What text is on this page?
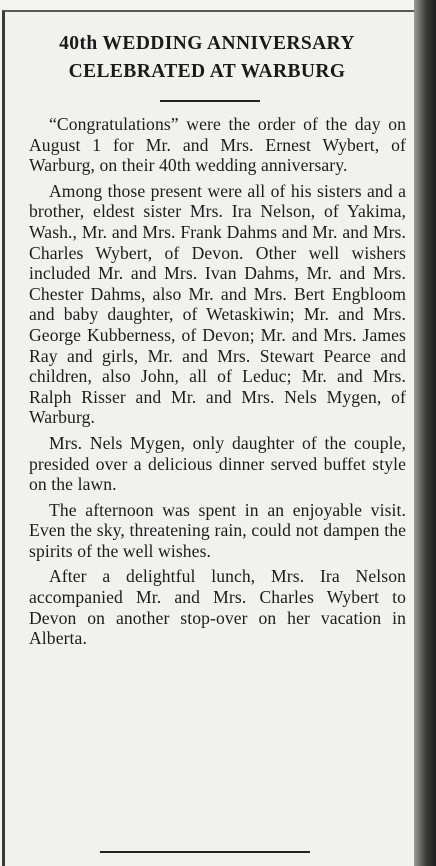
40th WEDDING ANNIVERSARY
CELEBRATED AT WARBURG

“Congratulations” were the order of the day on August 1 for Mr. and Mrs. Ernest Wybert, of Warburg, on their 40th wedding anniversary.

Among those present were all of his sisters and a brother, eldest sister Mrs. Ira Nelson, of Yakima, Wash., Mr. and Mrs. Frank Dahms and Mr. and Mrs. Charles Wybert, of Devon. Other well wishers included Mr. and Mrs. Ivan Dahms, Mr. and Mrs. Chester Dahms, also Mr. and Mrs. Bert Engbloom and baby daughter, of Wetaskiwin; Mr. and Mrs. George Kubberness, of Devon; Mr. and Mrs. James Ray and girls, Mr. and Mrs. Stewart Pearce and children, also John, all of Leduc; Mr. and Mrs. Ralph Risser and Mr. and Mrs. Nels Mygen, of Warburg.

Mrs. Nels Mygen, only daughter of the couple, presided over a delicious dinner served buffet style on the lawn.

The afternoon was spent in an enjoyable visit. Even the sky, threatening rain, could not dampen the spirits of the well wishes.

After a delightful lunch, Mrs. Ira Nelson accompanied Mr. and Mrs. Charles Wybert to Devon on another stop-over on her vacation in Alberta.
